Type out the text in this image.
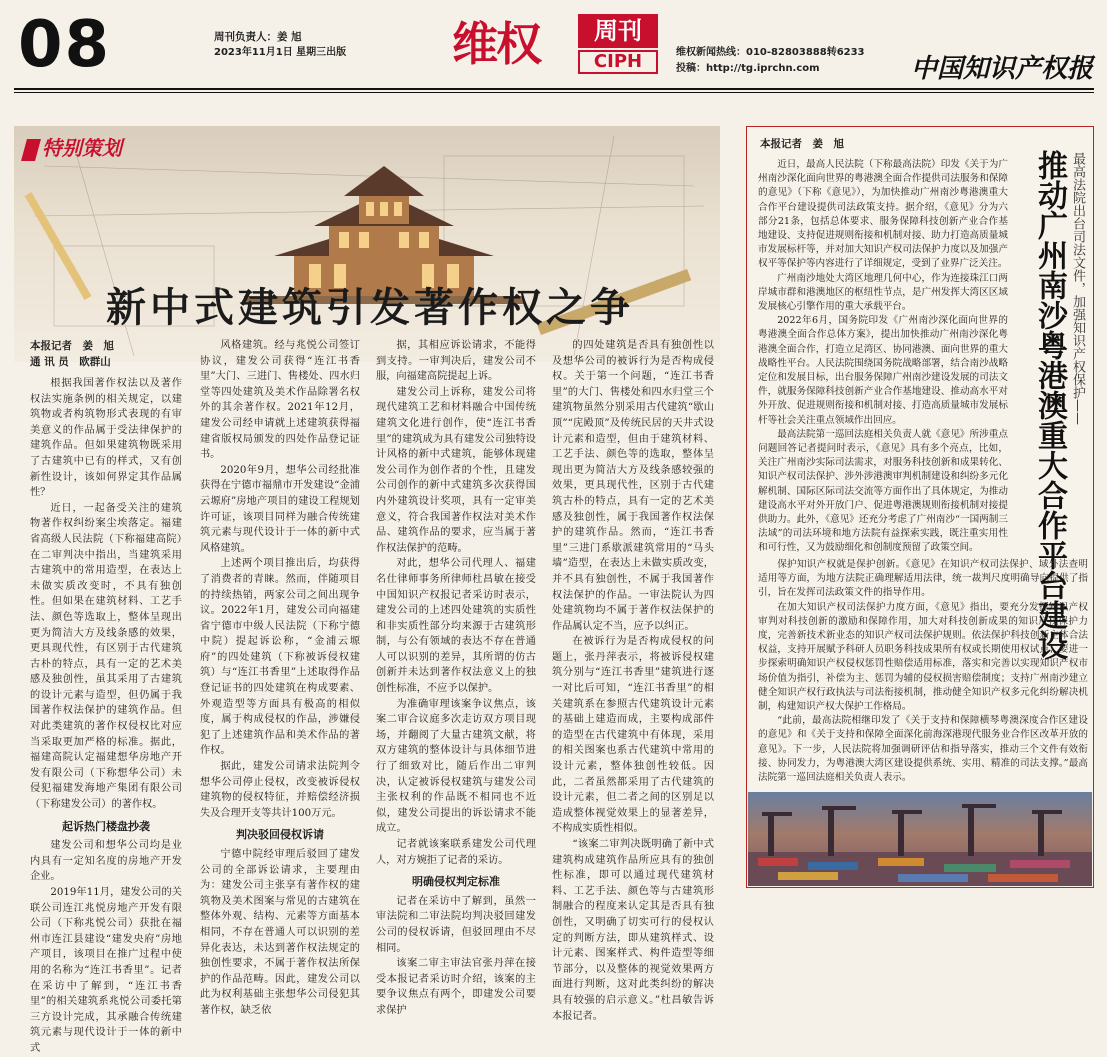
08	周刊负责人：姜 旭
2023年11月1日 星期三出版 维权	周刊
CIPH	维权新闻热线：010-82803888转6233
投稿：http://tg.iprchn.com	中国知识产权报
特别策划
新中式建筑引发著作权之争
本报记者　姜　旭
通 讯 员　欧群山

根据我国著作权法以及著作权法实施条例的相关规定，以建筑物或者构筑物形式表现的有审美意义的作品属于受法律保护的建筑作品。但如果建筑物既采用了古建筑中已有的样式，又有创新性设计，该如何界定其作品属性？

近日，一起备受关注的建筑物著作权纠纷案尘埃落定。福建省高级人民法院（下称福建高院）在二审判决中指出，当建筑采用古建筑中的常用造型，在表达上未做实质改变时，不具有独创性。但如果在建筑材料、工艺手法、颜色等选取上，整体呈现出更为简洁大方及线条感的效果，更具现代性，有区别于古代建筑古朴的特点，具有一定的艺术美感及独创性，虽其采用了古建筑的设计元素与造型，但仍属于我国著作权法保护的建筑作品。但对此类建筑的著作权侵权比对应当采取更加严格的标准。据此，福建高院认定福建想华房地产开发有限公司（下称想华公司）未侵犯福建发海地产集团有限公司（下称建发公司）的著作权。

起诉热门楼盘抄袭

建发公司和想华公司均是业内具有一定知名度的房地产开发企业。

2019年11月，建发公司的关联公司连江兆悦房地产开发有限公司（下称兆悦公司）获批在福州市连江县建设“建发央府”房地产项目，该项目在推广过程中使用的名称为“连江书香里”。记者在采访中了解到，“连江书香里”的相关建筑系兆悦公司委托第三方设计完成，其承融合传统建筑元素与现代设计于一体的新中式

风格建筑。经与兆悦公司签订协议，建发公司获得“连江书香里”大门、三进门、售楼处、四水归堂等四处建筑及美术作品除署名权外的其余著作权。2021年12月，建发公司经申请就上述建筑获得福建省版权局颁发的四处作品登记证书。

2020年9月，想华公司经批准获得在宁德市福鼎市开发建设“金浦云塬府”房地产项目的建设工程规划许可证，该项目同样为融合传统建筑元素与现代设计于一体的新中式风格建筑。

上述两个项目推出后，均获得了消费者的青睐。然而，伴随项目的持续热销，两家公司之间出现争议。2022年1月，建发公司向福建省宁德市中级人民法院（下称宁德中院）提起诉讼称，“金浦云塬府”的四处建筑（下称被诉侵权建筑）与“连江书香里”上述取得作品登记证书的四处建筑在构成要素、外观造型等方面具有极高的相似度，属于构成侵权的作品，涉嫌侵犯了上述建筑作品和美术作品的著作权。

据此，建发公司请求法院判令想华公司停止侵权，改变被诉侵权建筑物的侵权特征，并赔偿经济损失及合理开支等共计100万元。

判决驳回侵权诉请

宁德中院经审理后驳回了建发公司的全部诉讼请求，主要理由为：建发公司主张享有著作权的建筑物及美术图案与常见的古建筑在整体外观、结构、元素等方面基本相同，不存在普通人可以识别的差异化表达，未达到著作权法规定的独创性要求，不属于著作权法所保护的作品范畴。因此，建发公司以此为权利基础主张想华公司侵犯其著作权，缺乏依

据，其相应诉讼请求，不能得到支持。一审判决后，建发公司不服，向福建高院提起上诉。

建发公司上诉称，建发公司将现代建筑工艺和材料融合中国传统建筑文化进行创作，使“连江书香里”的建筑成为具有建发公司独特设计风格的新中式建筑，能够体现建发公司作为创作者的个性，且建发公司创作的新中式建筑多次获得国内外建筑设计奖项，具有一定审美意义，符合我国著作权法对美术作品、建筑作品的要求，应当属于著作权法保护的范畴。

对此，想华公司代理人、福建名仕律师事务所律师杜昌敏在接受中国知识产权报记者采访时表示，建发公司的上述四处建筑的实质性和非实质性部分均来源于古建筑形制，与公有领域的表达不存在普通人可以识别的差异，其所谓的仿古创新并未达到著作权法意义上的独创性标准，不应予以保护。

为准确审理该案争议焦点，该案二审合议庭多次走访双方项目现场，并翻阅了大量古建筑文献，将双方建筑的整体设计与具体细节进行了细致对比，随后作出二审判决，认定被诉侵权建筑与建发公司主张权利的作品既不相同也不近似，建发公司提出的诉讼请求不能成立。

记者就该案联系建发公司代理人，对方婉拒了记者的采访。

明确侵权判定标准

记者在采访中了解到，虽然一审法院和二审法院均判决驳回建发公司的侵权诉请，但驳回理由不尽相同。

该案二审主审法官张丹萍在接受本报记者采访时介绍，该案的主要争议焦点有两个，即建发公司要求保护

的四处建筑是否具有独创性以及想华公司的被诉行为是否构成侵权。关于第一个问题，“连江书香里”的大门、售楼处和四水归堂三个建筑物虽然分别采用古代建筑“歇山顶”“庑殿顶”及传统民居的天井式设计元素和造型，但由于建筑材料、工艺手法、颜色等的选取，整体呈现出更为简洁大方及线条感较强的效果，更具现代性，区别于古代建筑古朴的特点，具有一定的艺术美感及独创性，属于我国著作权法保护的建筑作品。然而，“连江书香里”三进门系歇派建筑常用的“马头墙”造型，在表达上未做实质改变，并不具有独创性，不属于我国著作权法保护的作品。一审法院认为四处建筑物均不属于著作权法保护的作品属认定不当，应予以纠正。

在被诉行为是否构成侵权的问题上，张丹萍表示，将被诉侵权建筑分别与“连江书香里”建筑进行逐一对比后可知，“连江书香里”的相关建筑系在参照古代建筑设计元素的基础上建造而成，主要构成部件的造型在古代建筑中有体现，采用的相关图案也系古代建筑中常用的设计元素，整体独创性较低。因此，二者虽然都采用了古代建筑的设计元素，但二者之间的区别足以造成整体视觉效果上的显著差异，不构成实质性相似。

“该案二审判决既明确了新中式建筑构成建筑作品所应具有的独创性标准，即可以通过现代建筑材料、工艺手法、颜色等与古建筑形制融合的程度来认定其是否具有独创性，又明确了切实可行的侵权认定的判断方法，即从建筑样式、设计元素、图案样式、构件造型等细节部分，以及整体的视觉效果两方面进行判断，这对此类纠纷的解决具有较强的启示意义。”杜昌敏告诉本报记者。

本报记者　姜　旭
推动广州南沙粤港澳重大合作平台建设 最高法院出台司法文件，加强知识产权保护——

近日，最高人民法院（下称最高法院）印发《关于为广州南沙深化面向世界的粤港澳全面合作提供司法服务和保障的意见》（下称《意见》），为加快推动广州南沙粤港澳重大合作平台建设提供司法政策支持。据介绍，《意见》分为六部分21条，包括总体要求、服务保障科技创新产业合作基地建设、支持促进规则衔接和机制对接、助力打造高质量城市发展标杆等，并对加大知识产权司法保护力度以及加强产权平等保护等内容进行了详细规定，受到了业界广泛关注。

广州南沙地处大湾区地理几何中心，作为连接珠江口两岸城市群和港澳地区的枢纽性节点，是广州发挥大湾区区域发展核心引擎作用的重大承载平台。

2022年6月，国务院印发《广州南沙深化面向世界的粤港澳全面合作总体方案》，提出加快推动广州南沙深化粤港澳全面合作，打造立足湾区、协同港澳、面向世界的重大战略性平台。人民法院围绕国务院战略部署，结合南沙战略定位和发展目标，出台服务保障广州南沙建设发展的司法文件，就服务保障科技创新产业合作基地建设、推动高水平对外开放、促进规则衔接和机制对接、打造高质量城市发展标杆等社会关注重点领域作出回应。

最高法院第一巡回法庭相关负责人就《意见》所涉重点问题回答记者提问时表示，《意见》具有多个亮点，比如，关注广州南沙实际司法需求，对服务科技创新和成果转化、知识产权司法保护、涉外涉港澳审判机制建设和纠纷多元化解机制、国际区际司法交流等方面作出了具体规定，为推动建设高水平对外开放门户、促进粤港澳规则衔接机制对接提供助力。此外，《意见》还充分考虑了广州南沙“一国两制三法域”的司法环境和地方法院有益探索实践，既注重实用性和可行性，又为鼓励细化和创制度预留了政策空间。

保护知识产权就是保护创新。《意见》在知识产权司法保护、域外法查明适用等方面，为地方法院正确理解适用法律，统一裁判尺度明确导向提供了指引，旨在发挥司法政策文件的指导作用。

在加大知识产权司法保护力度方面，《意见》指出，要充分发挥知识产权审判对科技创新的激励和保障作用，加大对科技创新成果的知识产权保护力度，完善新技术新业态的知识产权司法保护规则。依法保护科技创新主体合法权益，支持开展赋予科研人员职务科技成果所有权或长期使用权试点；要进一步探索明确知识产权侵权惩罚性赔偿适用标准，落实和完善以实现知识产权市场价值为指引，补偿为主、惩罚为辅的侵权损害赔偿制度；支持广州南沙建立健全知识产权行政执法与司法衔接机制，推动健全知识产权多元化纠纷解决机制，构建知识产权大保护工作格局。

“此前，最高法院相继印发了《关于支持和保障横琴粤澳深度合作区建设的意见》和《关于支持和保障全面深化前海深港现代服务业合作区改革开放的意见》。下一步，人民法院将加强调研评估和指导落实，推动三个文件有效衔接、协同发力，为粤港澳大湾区建设提供系统、实用、精准的司法支撑。”最高法院第一巡回法庭相关负责人表示。
